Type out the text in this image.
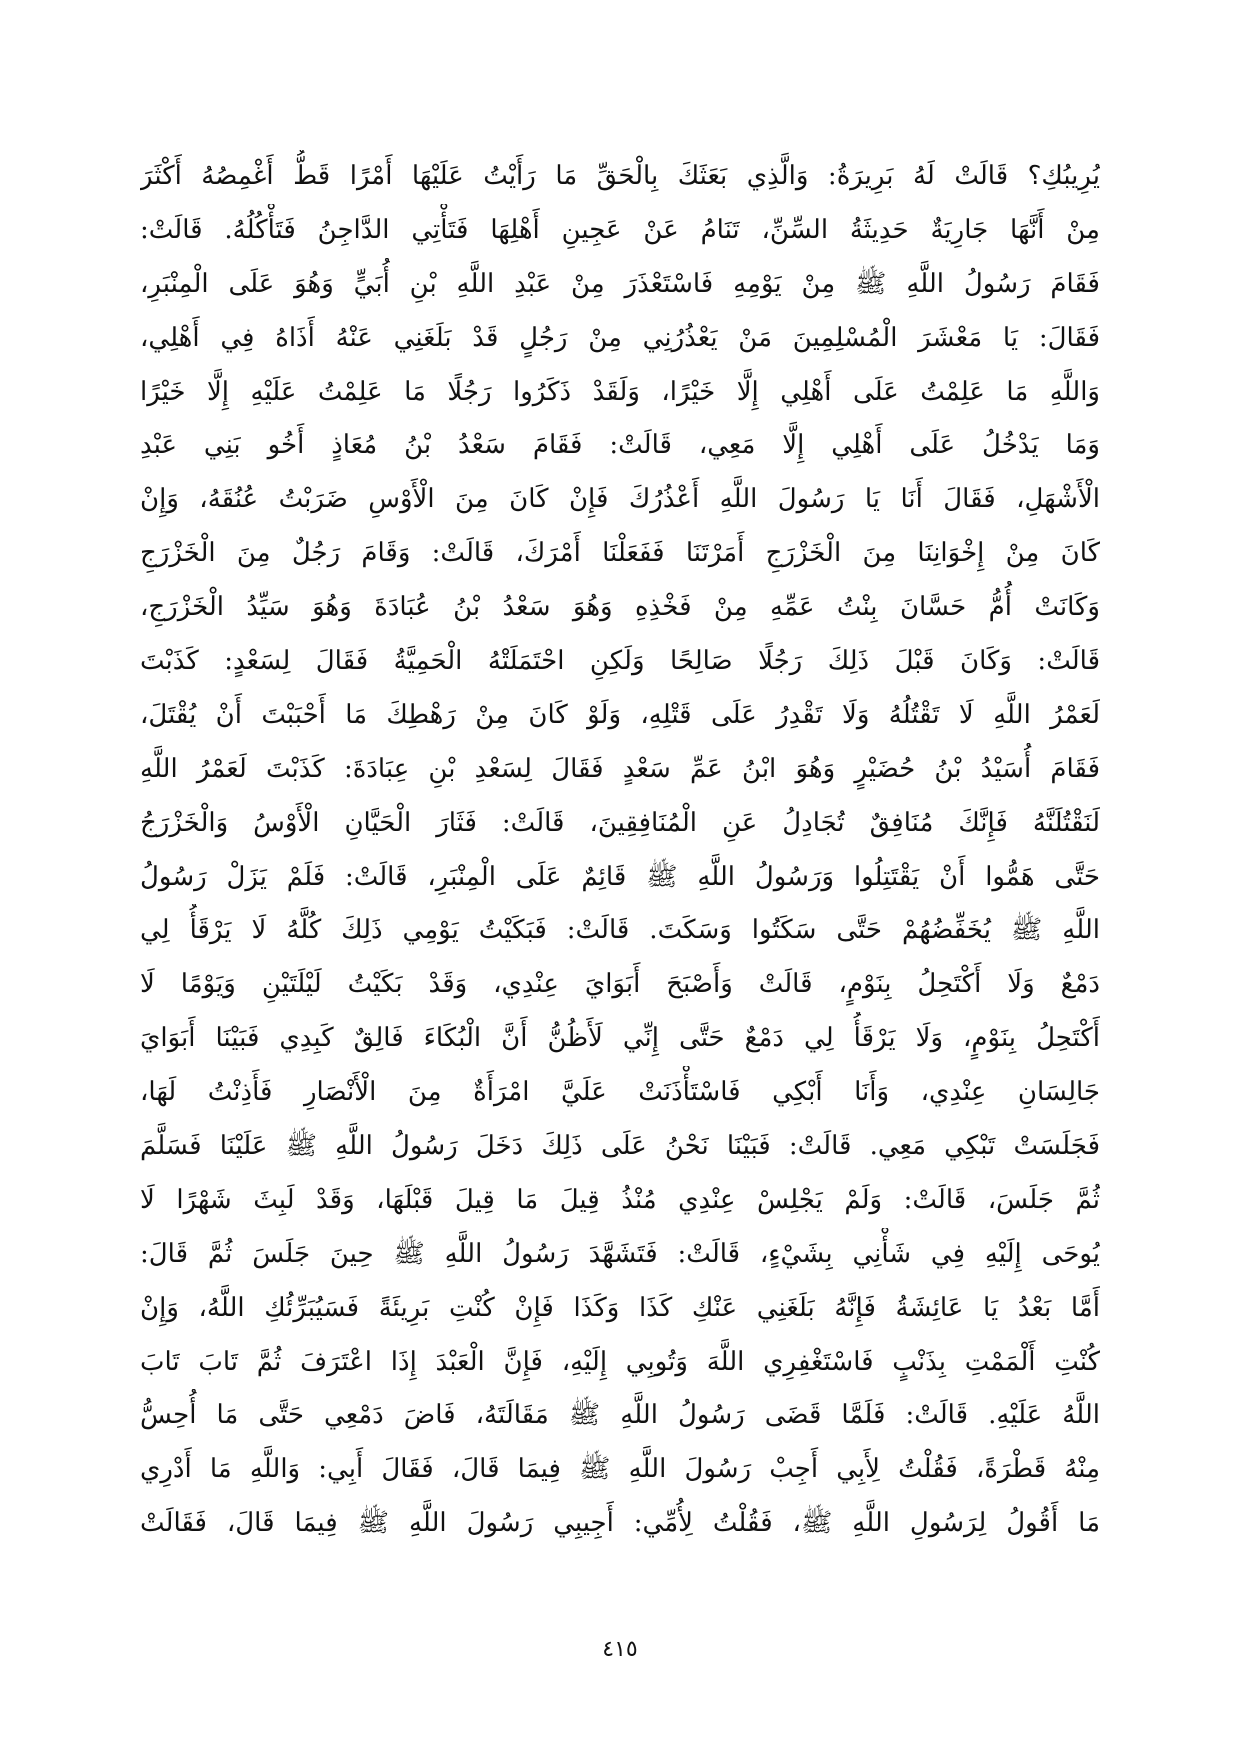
يُرِيبُكِ؟ قَالَتْ لَهُ بَرِيرَةُ: وَالَّذِي بَعَثَكَ بِالْحَقِّ مَا رَأَيْتُ عَلَيْهَا أَمْرًا قَطُّ أَغْمِصُهُ أَكْثَرَ
مِنْ أَنَّهَا جَارِيَةٌ حَدِيثَةُ السِّنِّ، تَنَامُ عَنْ عَجِينِ أَهْلِهَا فَتَأْتِي الدَّاجِنُ فَتَأْكُلُهُ. قَالَتْ:
فَقَامَ رَسُولُ اللَّهِ ﷺ مِنْ يَوْمِهِ فَاسْتَعْذَرَ مِنْ عَبْدِ اللَّهِ بْنِ أُبَيٍّ وَهُوَ عَلَى الْمِنْبَرِ،
فَقَالَ: يَا مَعْشَرَ الْمُسْلِمِينَ مَنْ يَعْذُرُنِي مِنْ رَجُلٍ قَدْ بَلَغَنِي عَنْهُ أَذَاهُ فِي أَهْلِي،
وَاللَّهِ مَا عَلِمْتُ عَلَى أَهْلِي إِلَّا خَيْرًا، وَلَقَدْ ذَكَرُوا رَجُلًا مَا عَلِمْتُ عَلَيْهِ إِلَّا خَيْرًا
وَمَا يَدْخُلُ عَلَى أَهْلِي إِلَّا مَعِي، قَالَتْ: فَقَامَ سَعْدُ بْنُ مُعَاذٍ أَخُو بَنِي عَبْدِ
الْأَشْهَلِ، فَقَالَ أَنَا يَا رَسُولَ اللَّهِ أَعْذُرُكَ فَإِنْ كَانَ مِنَ الْأَوْسِ ضَرَبْتُ عُنُقَهُ، وَإِنْ
كَانَ مِنْ إِخْوَانِنَا مِنَ الْخَزْرَجِ أَمَرْتَنَا فَفَعَلْنَا أَمْرَكَ، قَالَتْ: وَقَامَ رَجُلٌ مِنَ الْخَزْرَجِ
وَكَانَتْ أُمُّ حَسَّانَ بِنْتُ عَمِّهِ مِنْ فَخْذِهِ وَهُوَ سَعْدُ بْنُ عُبَادَةَ وَهُوَ سَيِّدُ الْخَزْرَجِ،
قَالَتْ: وَكَانَ قَبْلَ ذَلِكَ رَجُلًا صَالِحًا وَلَكِنِ احْتَمَلَتْهُ الْحَمِيَّةُ فَقَالَ لِسَعْدٍ: كَذَبْتَ
لَعَمْرُ اللَّهِ لَا تَقْتُلُهُ وَلَا تَقْدِرُ عَلَى قَتْلِهِ، وَلَوْ كَانَ مِنْ رَهْطِكَ مَا أَحْبَبْتَ أَنْ يُقْتَلَ،
فَقَامَ أُسَيْدُ بْنُ حُضَيْرٍ وَهُوَ ابْنُ عَمِّ سَعْدٍ فَقَالَ لِسَعْدِ بْنِ عِبَادَةَ: كَذَبْتَ لَعَمْرُ اللَّهِ
لَنَقْتُلَنَّهُ فَإِنَّكَ مُنَافِقٌ تُجَادِلُ عَنِ الْمُنَافِقِينَ، قَالَتْ: فَثَارَ الْحَيَّانِ الْأَوْسُ وَالْخَزْرَجُ
حَتَّى هَمُّوا أَنْ يَقْتَتِلُوا وَرَسُولُ اللَّهِ ﷺ قَائِمٌ عَلَى الْمِنْبَرِ، قَالَتْ: فَلَمْ يَزَلْ رَسُولُ
اللَّهِ ﷺ يُخَفِّضُهُمْ حَتَّى سَكَتُوا وَسَكَتَ. قَالَتْ: فَبَكَيْتُ يَوْمِي ذَلِكَ كُلَّهُ لَا يَرْقَأُ لِي
دَمْعٌ وَلَا أَكْتَحِلُ بِنَوْمٍ، قَالَتْ وَأَصْبَحَ أَبَوَايَ عِنْدِي، وَقَدْ بَكَيْتُ لَيْلَتَيْنِ وَيَوْمًا لَا
أَكْتَحِلُ بِنَوْمٍ، وَلَا يَرْقَأُ لِي دَمْعٌ حَتَّى إِنِّي لَأَظُنُّ أَنَّ الْبُكَاءَ فَالِقٌ كَبِدِي فَبَيْنَا أَبَوَايَ
جَالِسَانِ عِنْدِي، وَأَنَا أَبْكِي فَاسْتَأْذَنَتْ عَلَيَّ امْرَأَةٌ مِنَ الْأَنْصَارِ فَأَذِنْتُ لَهَا،
فَجَلَسَتْ تَبْكِي مَعِي. قَالَتْ: فَبَيْنَا نَحْنُ عَلَى ذَلِكَ دَخَلَ رَسُولُ اللَّهِ ﷺ عَلَيْنَا فَسَلَّمَ
ثُمَّ جَلَسَ، قَالَتْ: وَلَمْ يَجْلِسْ عِنْدِي مُنْذُ قِيلَ مَا قِيلَ قَبْلَهَا، وَقَدْ لَبِثَ شَهْرًا لَا
يُوحَى إِلَيْهِ فِي شَأْنِي بِشَيْءٍ، قَالَتْ: فَتَشَهَّدَ رَسُولُ اللَّهِ ﷺ حِينَ جَلَسَ ثُمَّ قَالَ:
أَمَّا بَعْدُ يَا عَائِشَةُ فَإِنَّهُ بَلَغَنِي عَنْكِ كَذَا وَكَذَا فَإِنْ كُنْتِ بَرِيئَةً فَسَيُبَرِّئُكِ اللَّهُ، وَإِنْ
كُنْتِ أَلْمَمْتِ بِذَنْبٍ فَاسْتَغْفِرِي اللَّهَ وَتُوبِي إِلَيْهِ، فَإِنَّ الْعَبْدَ إِذَا اعْتَرَفَ ثُمَّ تَابَ تَابَ
اللَّهُ عَلَيْهِ. قَالَتْ: فَلَمَّا قَضَى رَسُولُ اللَّهِ ﷺ مَقَالَتَهُ، فَاضَ دَمْعِي حَتَّى مَا أُحِسُّ
مِنْهُ قَطْرَةً، فَقُلْتُ لِأَبِي أَجِبْ رَسُولَ اللَّهِ ﷺ فِيمَا قَالَ، فَقَالَ أَبِي: وَاللَّهِ مَا أَدْرِي
مَا أَقُولُ لِرَسُولِ اللَّهِ ﷺ، فَقُلْتُ لِأُمِّي: أَجِيبِي رَسُولَ اللَّهِ ﷺ فِيمَا قَالَ، فَقَالَتْ
٤١٥
